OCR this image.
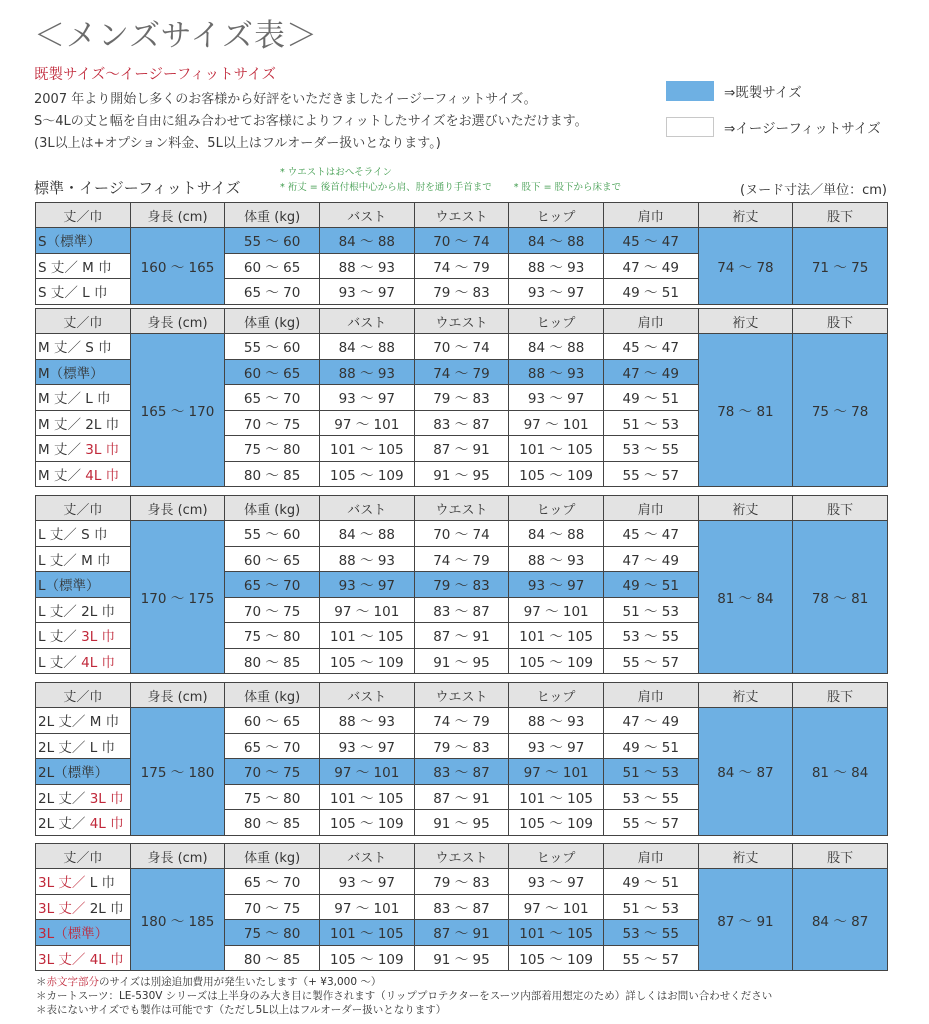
＜メンズサイズ表＞
既製サイズ〜イージーフィットサイズ
2007 年より開始し多くのお客様から好評をいただきましたイージーフィットサイズ。
S〜4Lの丈と幅を自由に組み合わせてお客様によりフィットしたサイズをお選びいただけます。
(3L以上は+オプション料金、5L以上はフルオーダー扱いとなります。)
⇒既製サイズ
⇒イージーフィットサイズ
標準・イージーフィットサイズ
* ウエストはおへそライン
* 裄丈 = 後首付根中心から肩、肘を通り手首まで * 股下 = 股下から床まで	(ヌード寸法／単位：cm)
丈／巾	身長 (cm)	体重 (kg)	バスト	ウエスト	ヒップ	肩巾	裄丈	股下
S（標準）	160 〜 165	55 〜 60	84 〜 88	70 〜 74	84 〜 88	45 〜 47	74 〜 78	71 〜 75
S 丈／ M 巾		60 〜 65	88 〜 93	74 〜 79	88 〜 93	47 〜 49		
S 丈／ L 巾		65 〜 70	93 〜 97	79 〜 83	93 〜 97	49 〜 51		
丈／巾	身長 (cm)	体重 (kg)	バスト	ウエスト	ヒップ	肩巾	裄丈	股下
M 丈／ S 巾	165 〜 170	55 〜 60	84 〜 88	70 〜 74	84 〜 88	45 〜 47	78 〜 81	75 〜 78
M（標準）		60 〜 65	88 〜 93	74 〜 79	88 〜 93	47 〜 49		
M 丈／ L 巾		65 〜 70	93 〜 97	79 〜 83	93 〜 97	49 〜 51		
M 丈／ 2L 巾		70 〜 75	97 〜 101	83 〜 87	97 〜 101	51 〜 53		
M 丈／ 3L 巾		75 〜 80	101 〜 105	87 〜 91	101 〜 105	53 〜 55		
M 丈／ 4L 巾		80 〜 85	105 〜 109	91 〜 95	105 〜 109	55 〜 57		
丈／巾	身長 (cm)	体重 (kg)	バスト	ウエスト	ヒップ	肩巾	裄丈	股下
L 丈／ S 巾	170 〜 175	55 〜 60	84 〜 88	70 〜 74	84 〜 88	45 〜 47	81 〜 84	78 〜 81
L 丈／ M 巾		60 〜 65	88 〜 93	74 〜 79	88 〜 93	47 〜 49		
L（標準）		65 〜 70	93 〜 97	79 〜 83	93 〜 97	49 〜 51		
L 丈／ 2L 巾		70 〜 75	97 〜 101	83 〜 87	97 〜 101	51 〜 53		
L 丈／ 3L 巾		75 〜 80	101 〜 105	87 〜 91	101 〜 105	53 〜 55		
L 丈／ 4L 巾		80 〜 85	105 〜 109	91 〜 95	105 〜 109	55 〜 57		
丈／巾	身長 (cm)	体重 (kg)	バスト	ウエスト	ヒップ	肩巾	裄丈	股下
2L 丈／ M 巾	175 〜 180	60 〜 65	88 〜 93	74 〜 79	88 〜 93	47 〜 49	84 〜 87	81 〜 84
2L 丈／ L 巾		65 〜 70	93 〜 97	79 〜 83	93 〜 97	49 〜 51		
2L（標準）		70 〜 75	97 〜 101	83 〜 87	97 〜 101	51 〜 53		
2L 丈／ 3L 巾		75 〜 80	101 〜 105	87 〜 91	101 〜 105	53 〜 55		
2L 丈／ 4L 巾		80 〜 85	105 〜 109	91 〜 95	105 〜 109	55 〜 57		
丈／巾	身長 (cm)	体重 (kg)	バスト	ウエスト	ヒップ	肩巾	裄丈	股下
3L 丈／ L 巾	180 〜 185	65 〜 70	93 〜 97	79 〜 83	93 〜 97	49 〜 51	87 〜 91	84 〜 87
3L 丈／ 2L 巾		70 〜 75	97 〜 101	83 〜 87	97 〜 101	51 〜 53		
3L（標準）		75 〜 80	101 〜 105	87 〜 91	101 〜 105	53 〜 55		
3L 丈／ 4L 巾		80 〜 85	105 〜 109	91 〜 95	105 〜 109	55 〜 57		
＊赤文字部分のサイズは別途追加費用が発生いたします（+ ¥3,000 〜）
＊カートスーツ：LE-530V シリーズは上半身のみ大き目に製作されます（リッププロテクターをスーツ内部着用想定のため）詳しくはお問い合わせください
＊表にないサイズでも製作は可能です（ただし5L以上はフルオーダー扱いとなります）
